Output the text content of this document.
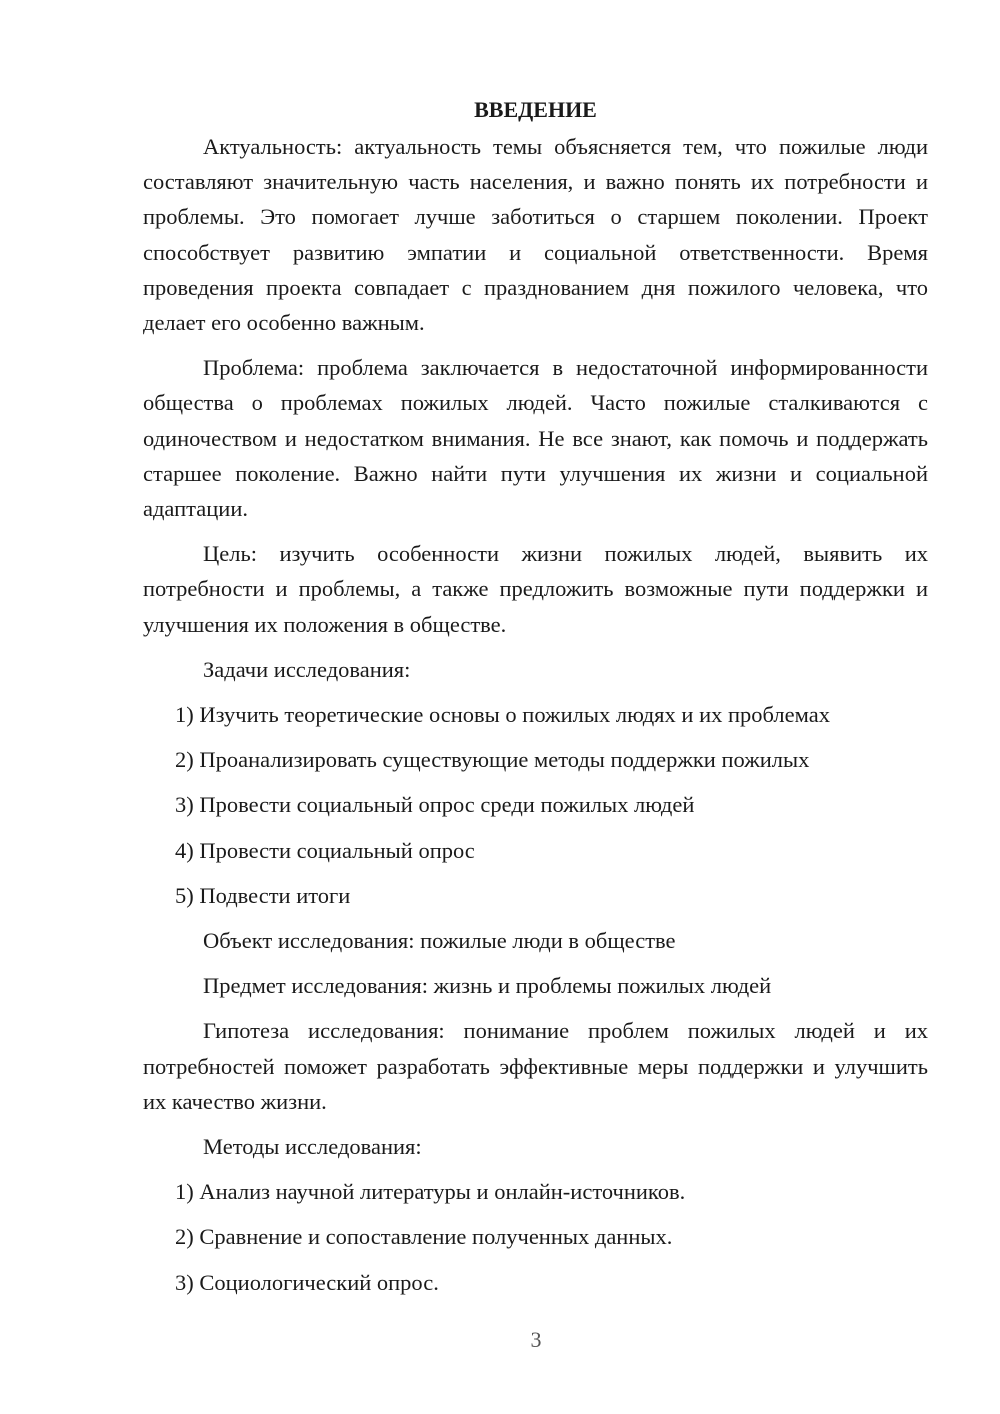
ВВЕДЕНИЕ

Актуальность: актуальность темы объясняется тем, что пожилые люди составляют значительную часть населения, и важно понять их потребности и проблемы. Это помогает лучше заботиться о старшем поколении. Проект способствует развитию эмпатии и социальной ответственности. Время проведения проекта совпадает с празднованием дня пожилого человека, что делает его особенно важным.

Проблема: проблема заключается в недостаточной информированности общества о проблемах пожилых людей. Часто пожилые сталкиваются с одиночеством и недостатком внимания. Не все знают, как помочь и поддержать старшее поколение. Важно найти пути улучшения их жизни и социальной адаптации.

Цель: изучить особенности жизни пожилых людей, выявить их потребности и проблемы, а также предложить возможные пути поддержки и улучшения их положения в обществе.

Задачи исследования:
1) Изучить теоретические основы о пожилых людях и их проблемах
2) Проанализировать существующие методы поддержки пожилых
3) Провести социальный опрос среди пожилых людей
4) Провести социальный опрос
5) Подвести итоги
Объект исследования: пожилые люди в обществе
Предмет исследования: жизнь и проблемы пожилых людей

Гипотеза исследования: понимание проблем пожилых людей и их потребностей поможет разработать эффективные меры поддержки и улучшить их качество жизни.

Методы исследования:
1) Анализ научной литературы и онлайн-источников.
2) Сравнение и сопоставление полученных данных.
3) Социологический опрос.
3
